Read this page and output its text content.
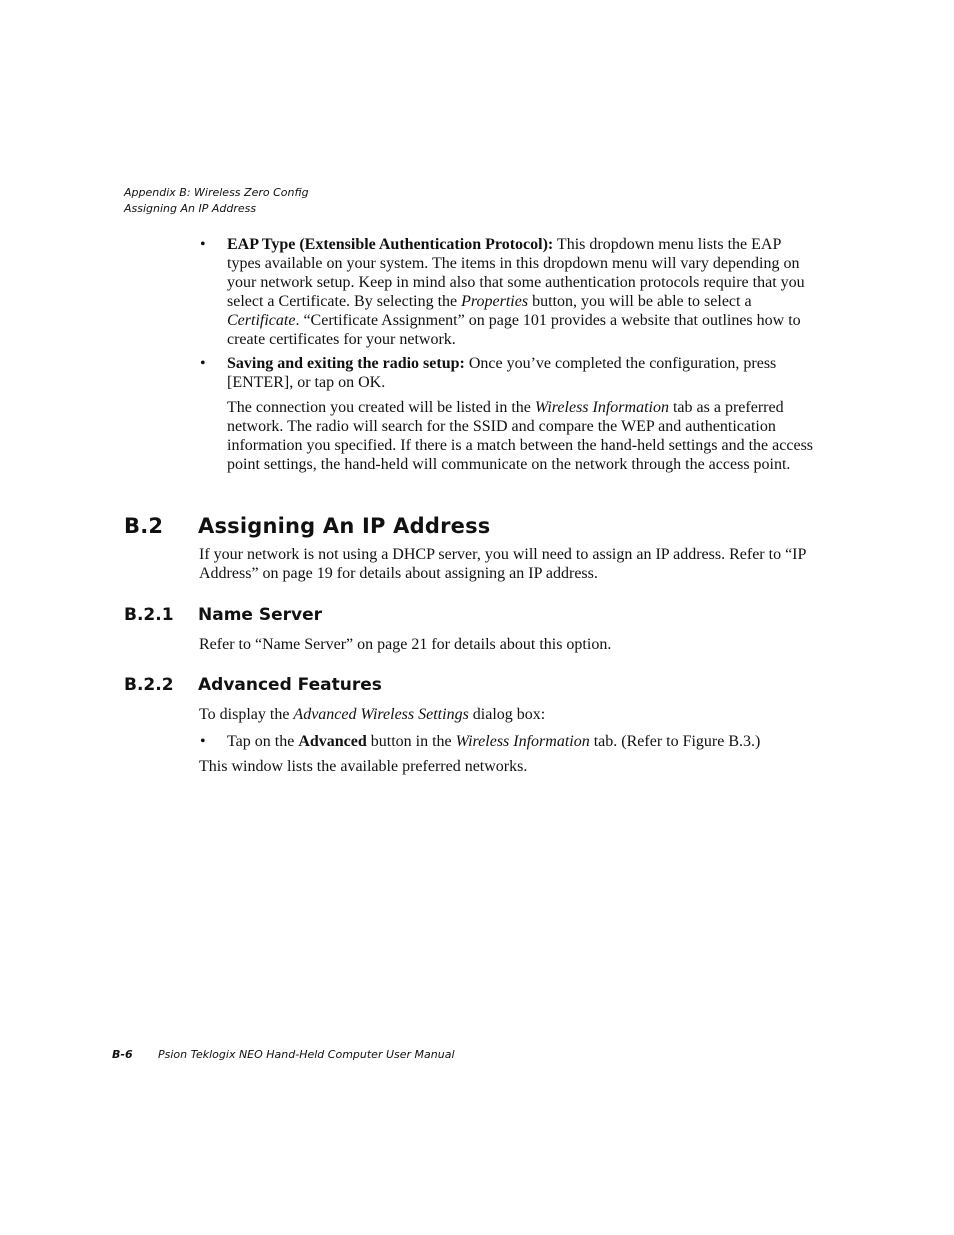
Appendix B: Wireless Zero Config
Assigning An IP Address
•	EAP Type (Extensible Authentication Protocol): This dropdown menu lists the EAP types available on your system. The items in this dropdown menu will vary depending on your network setup. Keep in mind also that some authentication protocols require that you select a Certificate. By selecting the Properties button, you will be able to select a Certificate. “Certificate Assignment” on page 101 provides a website that outlines how to create certificates for your network.
•	Saving and exiting the radio setup: Once you’ve completed the configuration, press [ENTER], or tap on OK.
The connection you created will be listed in the Wireless Information tab as a preferred network. The radio will search for the SSID and compare the WEP and authentication information you specified. If there is a match between the hand-held settings and the access point settings, the hand-held will communicate on the network through the access point.
B.2 Assigning An IP Address
If your network is not using a DHCP server, you will need to assign an IP address. Refer to “IP Address” on page 19 for details about assigning an IP address.
B.2.1 Name Server
Refer to “Name Server” on page 21 for details about this option.
B.2.2 Advanced Features
To display the Advanced Wireless Settings dialog box:
•	Tap on the Advanced button in the Wireless Information tab. (Refer to Figure B.3.)
This window lists the available preferred networks.
B-6 Psion Teklogix NEO Hand-Held Computer User Manual
